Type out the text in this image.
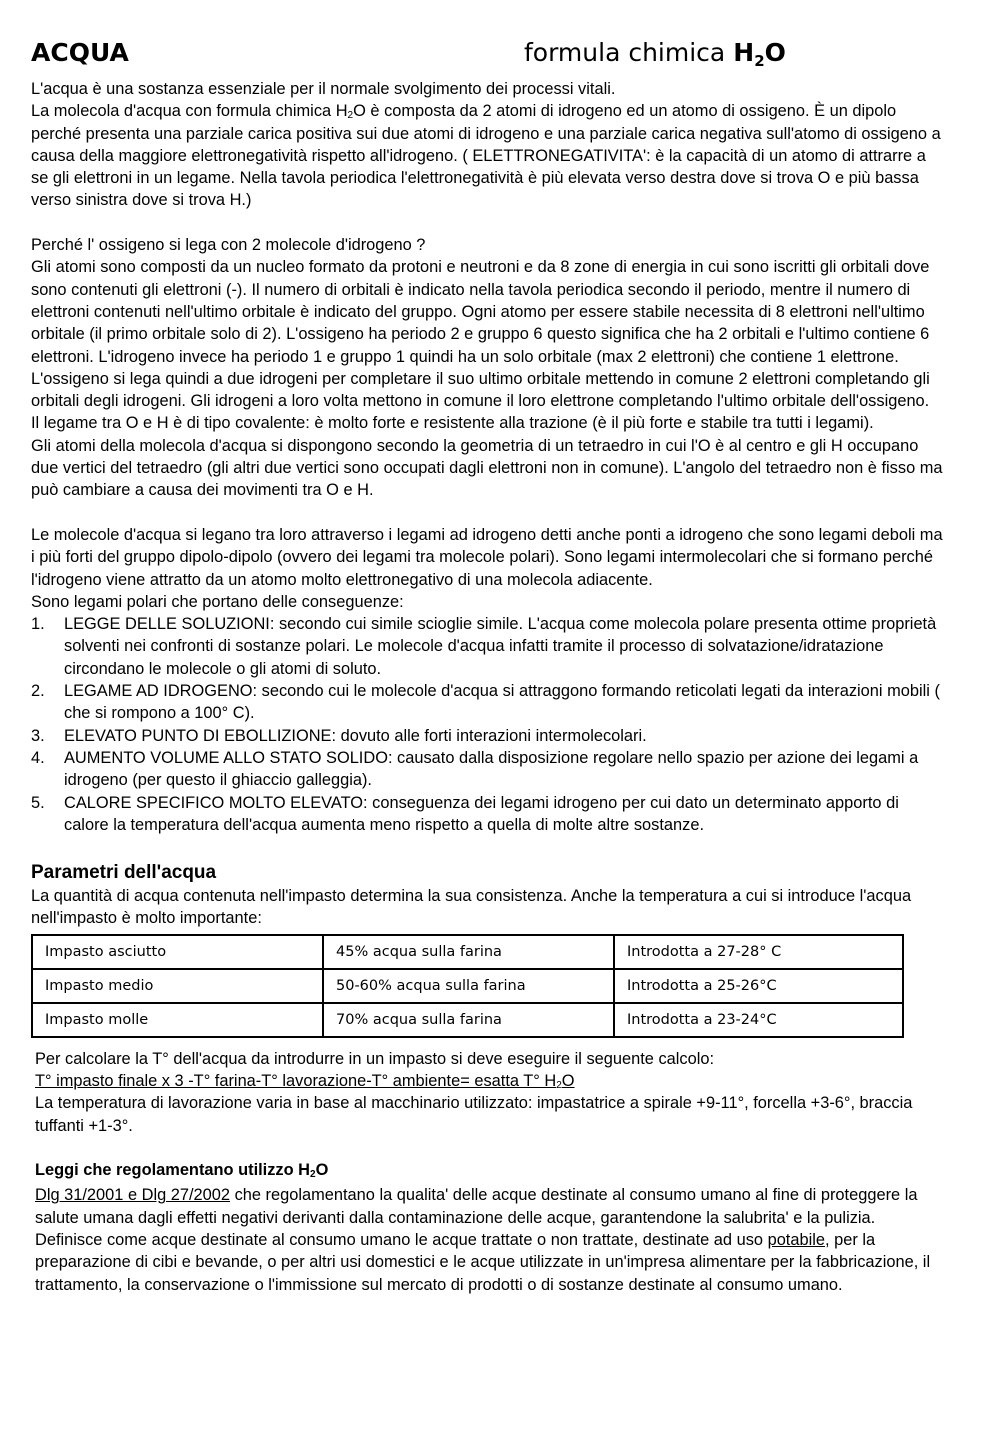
ACQUA	formula chimica $H_2O$

L'acqua è una sostanza essenziale per il normale svolgimento dei processi vitali.

La molecola d'acqua con formula chimica $H_2O$ è composta da 2 atomi di idrogeno ed un atomo di ossigeno. È un dipolo perché presenta una parziale carica positiva sui due atomi di idrogeno e una parziale carica negativa sull'atomo di ossigeno a causa della maggiore elettronegatività rispetto all'idrogeno. ( ELETTRONEGATIVITA': è la capacità di un atomo di attrarre a se gli elettroni in un legame. Nella tavola periodica l'elettronegatività è più elevata verso destra dove si trova O e più bassa verso sinistra dove si trova H.)

Perché l' ossigeno si lega con 2 molecole d'idrogeno ?

Gli atomi sono composti da un nucleo formato da protoni e neutroni e da 8 zone di energia in cui sono iscritti gli orbitali dove sono contenuti gli elettroni (-). Il numero di orbitali è indicato nella tavola periodica secondo il periodo, mentre il numero di elettroni contenuti nell'ultimo orbitale è indicato del gruppo. Ogni atomo per essere stabile necessita di 8 elettroni nell'ultimo orbitale (il primo orbitale solo di 2). L'ossigeno ha periodo 2 e gruppo 6 questo significa che ha 2 orbitali e l'ultimo contiene 6 elettroni. L'idrogeno invece ha periodo 1 e gruppo 1 quindi ha un solo orbitale (max 2 elettroni) che contiene 1 elettrone. L'ossigeno si lega quindi a due idrogeni per completare il suo ultimo orbitale mettendo in comune 2 elettroni completando gli orbitali degli idrogeni. Gli idrogeni a loro volta mettono in comune il loro elettrone completando l'ultimo orbitale dell'ossigeno.

Il legame tra O e H è di tipo covalente: è molto forte e resistente alla trazione (è il più forte e stabile tra tutti i legami).

Gli atomi della molecola d'acqua si dispongono secondo la geometria di un tetraedro in cui l'O è al centro e gli H occupano due vertici del tetraedro (gli altri due vertici sono occupati dagli elettroni non in comune). L'angolo del tetraedro non è fisso ma può cambiare a causa dei movimenti tra O e H.

Le molecole d'acqua si legano tra loro attraverso i legami ad idrogeno detti anche ponti a idrogeno che sono legami deboli ma i più forti del gruppo dipolo-dipolo (ovvero dei legami tra molecole polari). Sono legami intermolecolari che si formano perché l'idrogeno viene attratto da un atomo molto elettronegativo di una molecola adiacente.

Sono legami polari che portano delle conseguenze:

1. LEGGE DELLE SOLUZIONI: secondo cui simile scioglie simile. L'acqua come molecola polare presenta ottime proprietà solventi nei confronti di sostanze polari. Le molecole d'acqua infatti tramite il processo di solvatazione/idratazione circondano le molecole o gli atomi di soluto.
2. LEGAME AD IDROGENO: secondo cui le molecole d'acqua si attraggono formando reticolati legati da interazioni mobili ( che si rompono a 100° C).
3. ELEVATO PUNTO DI EBOLLIZIONE: dovuto alle forti interazioni intermolecolari.
4. AUMENTO VOLUME ALLO STATO SOLIDO: causato dalla disposizione regolare nello spazio per azione dei legami a idrogeno (per questo il ghiaccio galleggia).
5. CALORE SPECIFICO MOLTO ELEVATO: conseguenza dei legami idrogeno per cui dato un determinato apporto di calore la temperatura dell'acqua aumenta meno rispetto a quella di molte altre sostanze.
Parametri dell'acqua

La quantità di acqua contenuta nell'impasto determina la sua consistenza. Anche la temperatura a cui si introduce l'acqua nell'impasto è molto importante:

Impasto asciutto	45% acqua sulla farina	Introdotta a 27-28° C
Impasto medio	50-60% acqua sulla farina	Introdotta a 25-26°C
Impasto molle	70% acqua sulla farina	Introdotta a 23-24°C

Per calcolare la T° dell'acqua da introdurre in un impasto si deve eseguire il seguente calcolo:

T° impasto finale x 3 -T° farina-T° lavorazione-T° ambiente= esatta T° $H_2O$

La temperatura di lavorazione varia in base al macchinario utilizzato: impastatrice a spirale +9-11°, forcella +3-6°, braccia tuffanti +1-3°.

Leggi che regolamentano utilizzo $H_2O$

Dlg 31/2001 e Dlg 27/2002 che regolamentano la qualita' delle acque destinate al consumo umano al fine di proteggere la salute umana dagli effetti negativi derivanti dalla contaminazione delle acque, garantendone la salubrita' e la pulizia. Definisce come acque destinate al consumo umano le acque trattate o non trattate, destinate ad uso potabile, per la preparazione di cibi e bevande, o per altri usi domestici e le acque utilizzate in un'impresa alimentare per la fabbricazione, il trattamento, la conservazione o l'immissione sul mercato di prodotti o di sostanze destinate al consumo umano.
